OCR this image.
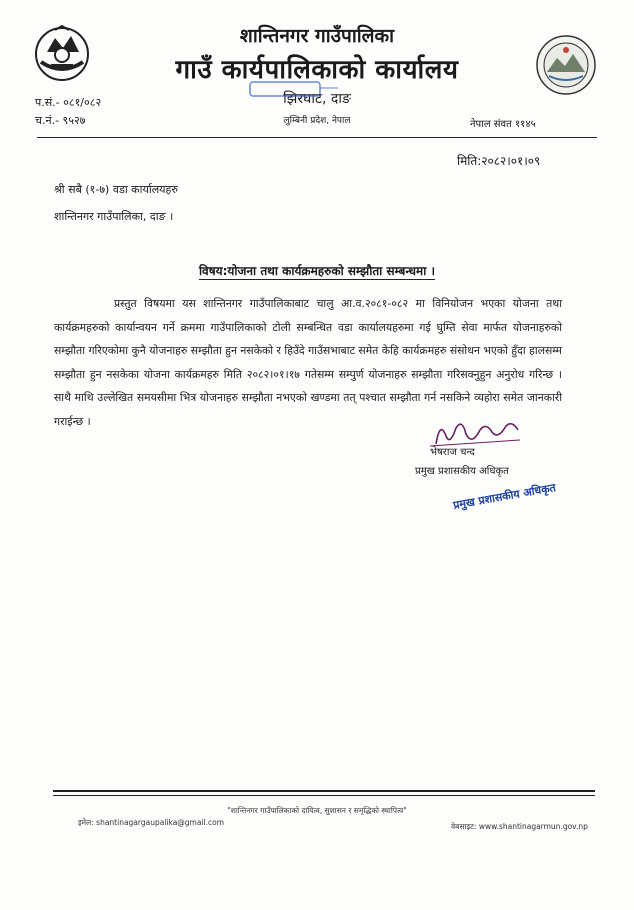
शान्तिनगर गाउँपालिका
गाउँ कार्यपालिकाको कार्यालय
झिरघाट, दाङ
लुम्बिनी प्रदेश, नेपाल
प.सं.- ०८१/०८२
च.नं.- ९५२७	नेपाल संवत ११४५
मिति:२०८२।०१।०९
श्री सबै (१-७) वडा कार्यालयहरु
शान्तिनगर गाउँपालिका, दाङ ।
विषय:योजना तथा कार्यक्रमहरुको सम्झौता सम्बन्धमा ।

प्रस्तुत विषयमा यस शान्तिनगर गाउँपालिकाबाट चालु आ.व.२०८१-०८२ मा विनियोजन भएका योजना तथा कार्यक्रमहरुको कार्यान्वयन गर्ने क्रममा गाउँपालिकाको टोली सम्बन्धित वडा कार्यालयहरुमा गई घुम्ति सेवा मार्फत योजनाहरुको सम्झौता गरिएकोमा कुनै योजनाहरु सम्झौता हुन नसकेको र हिउँदे गाउँसभाबाट समेत केहि कार्यक्रमहरु संसोधन भएको हुँदा हालसम्म सम्झौता हुन नसकेका योजना कार्यक्रमहरु मिति २०८२।०१।१७ गतेसम्म सम्पुर्ण योजनाहरु सम्झौता गरिसक्नुहुन अनुरोध गरिन्छ । साथै माथि उल्लेखित समयसीमा भित्र योजनाहरु सम्झौता नभएको खण्डमा तत् पश्चात सम्झौता गर्न नसकिने व्यहोरा समेत जानकारी गराईन्छ ।

भेषराज चन्द
प्रमुख प्रशासकीय अधिकृत
प्रमुख प्रशासकीय अधिकृत
"शान्तिनगर गाउँपालिकाको दायित्व, सुशासन र समृद्धिको स्थापित्व"
इमेल: shantinagargaupalika@gmail.com	वेबसाइट: www.shantinagarmun.gov.np
